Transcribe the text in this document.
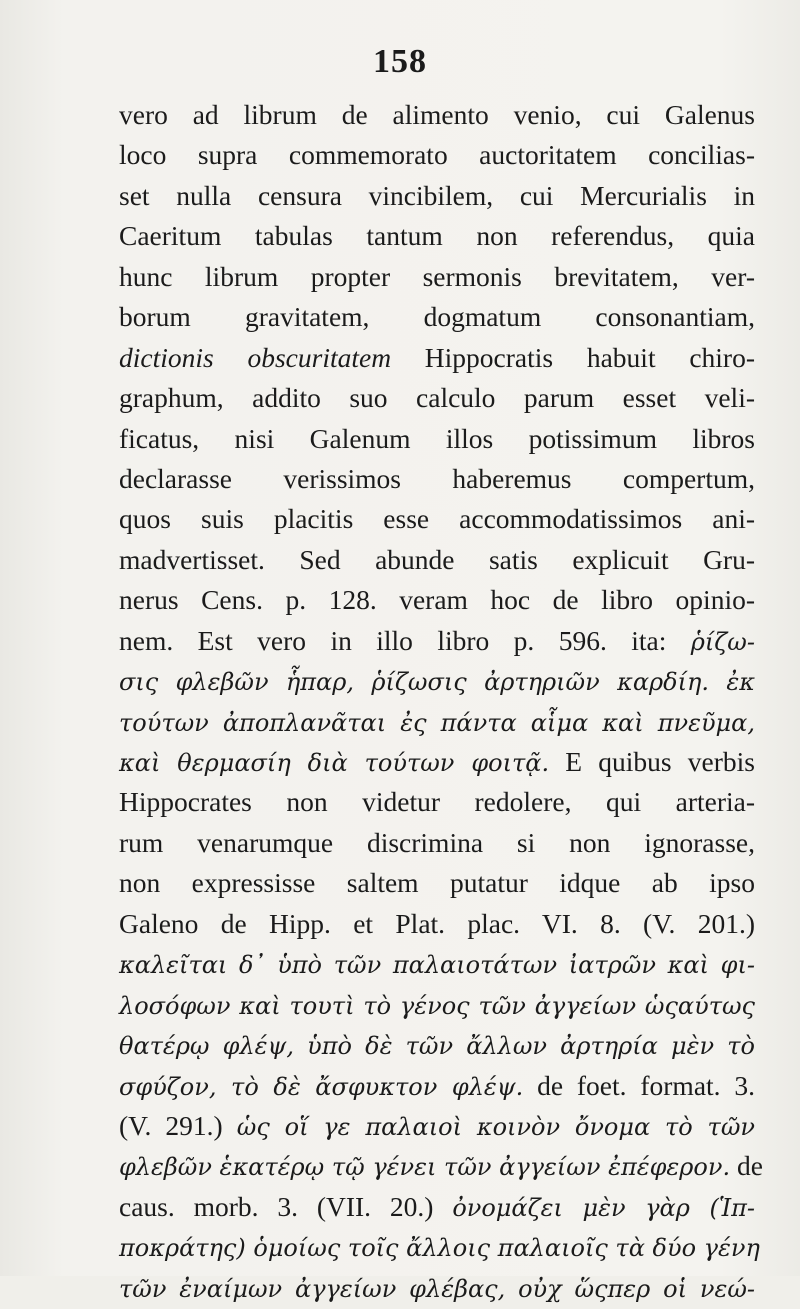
158
vero ad librum de alimento venio, cui Galenus
loco supra commemorato auctoritatem concilias-
set nulla censura vincibilem, cui Mercurialis in
Caeritum tabulas tantum non referendus, quia
hunc librum propter sermonis brevitatem, ver-
borum gravitatem, dogmatum consonantiam,
dictionis obscuritatem Hippocratis habuit chiro-
graphum, addito suo calculo parum esset veli-
ficatus, nisi Galenum illos potissimum libros
declarasse verissimos haberemus compertum,
quos suis placitis esse accommodatissimos ani-
madvertisset. Sed abunde satis explicuit Gru-
nerus Cens. p. 128. veram hoc de libro opinio-
nem. Est vero in illo libro p. 596. ita: ῥίζω-
σις φλεβῶν ἧπαρ, ῥίζωσις ἀρτηριῶν καρδίη. ἐκ
τούτων ἀποπλανᾶται ἐς πάντα αἷμα καὶ πνεῦμα,
καὶ θερμασίη διὰ τούτων φοιτᾷ. E quibus verbis
Hippocrates non videtur redolere, qui arteria-
rum venarumque discrimina si non ignorasse,
non expressisse saltem putatur idque ab ipso
Galeno de Hipp. et Plat. plac. VI. 8. (V. 201.)
καλεῖται δ᾽ ὑπὸ τῶν παλαιοτάτων ἰατρῶν καὶ φι-
λοσόφων καὶ τουτὶ τὸ γένος τῶν ἀγγείων ὡςαύτως
θατέρῳ φλέψ, ὑπὸ δὲ τῶν ἄλλων ἀρτηρία μὲν τὸ
σφύζον, τὸ δὲ ἄσφυκτον φλέψ. de foet. format. 3.
(V. 291.) ὡς οἵ γε παλαιοὶ κοινὸν ὄνομα τὸ τῶν
φλεβῶν ἑκατέρῳ τῷ γένει τῶν ἀγγείων ἐπέφερον. de
caus. morb. 3. (VII. 20.) ὀνομάζει μὲν γὰρ (Ἱπ-
ποκράτης) ὁμοίως τοῖς ἄλλοις παλαιοῖς τὰ δύο γένη
τῶν ἐναίμων ἀγγείων φλέβας, οὐχ ὥςπερ οἱ νεώ-
